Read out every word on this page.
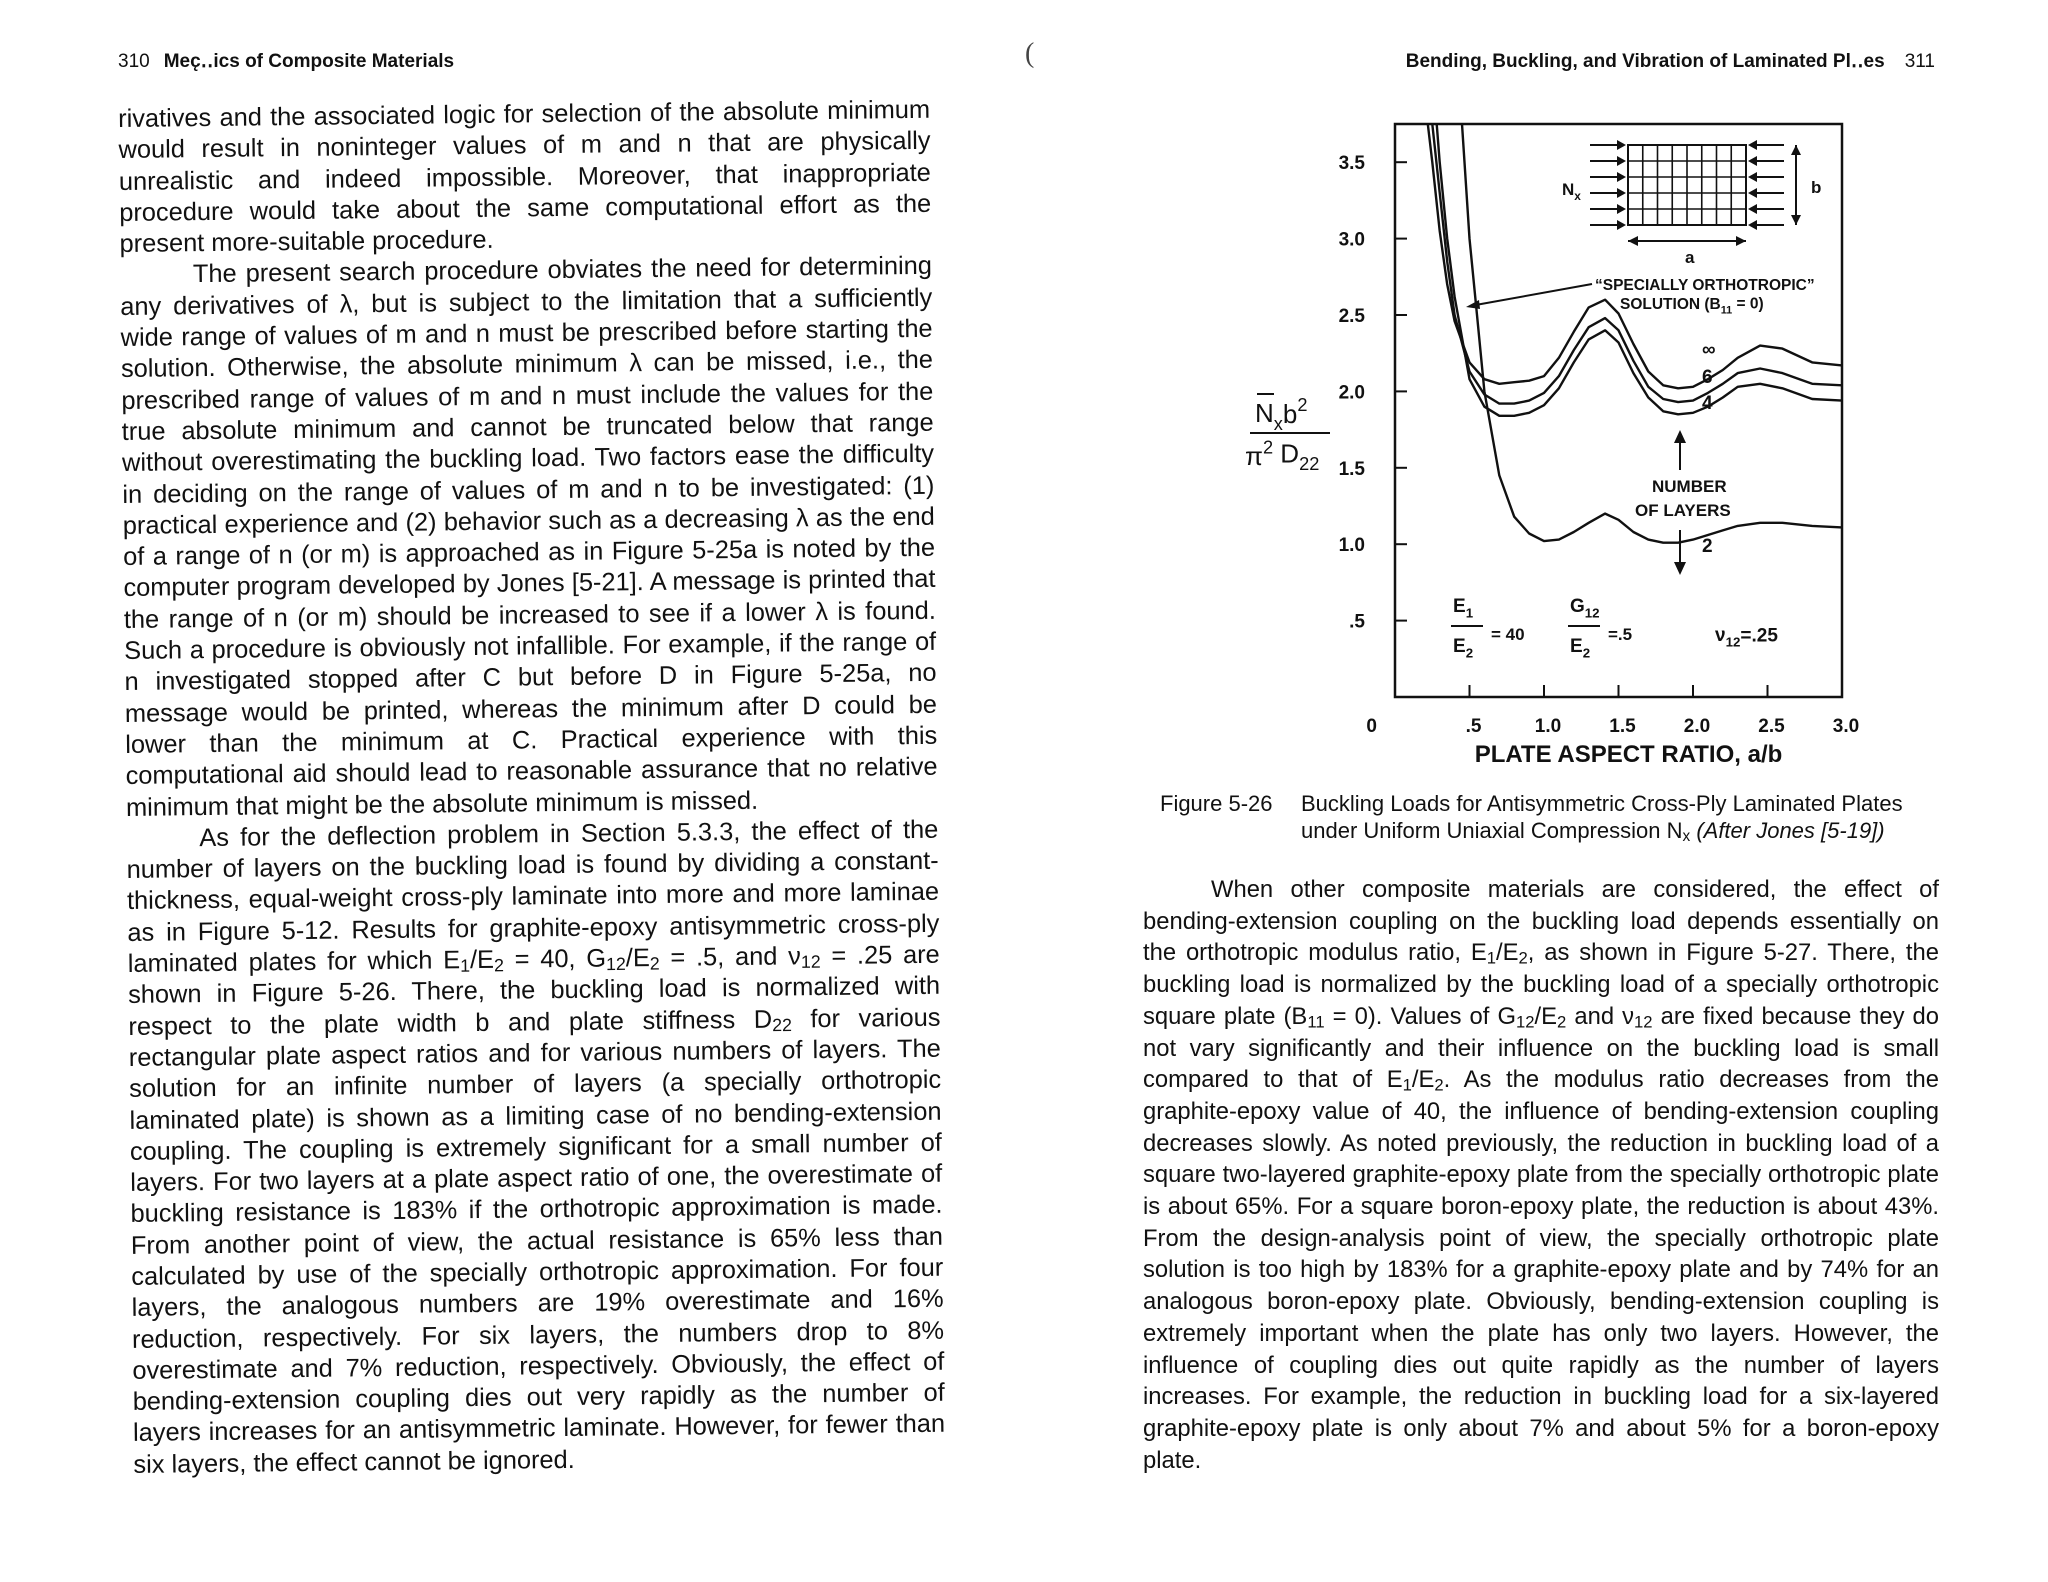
310 Mec̨․․ics of Composite Materials	(

rivatives and the associated logic for selection of the absolute minimum would result in noninteger values of m and n that are physically unrealistic and indeed impossible. Moreover, that inappropriate procedure would take about the same computational effort as the present more-suitable procedure.

The present search procedure obviates the need for determining any derivatives of λ, but is subject to the limitation that a sufficiently wide range of values of m and n must be prescribed before starting the solution. Otherwise, the absolute minimum λ can be missed, i.e., the prescribed range of values of m and n must include the values for the true absolute minimum and cannot be truncated below that range without overestimating the buckling load. Two factors ease the difficulty in deciding on the range of values of m and n to be investigated: (1) practical experience and (2) behavior such as a decreasing λ as the end of a range of n (or m) is approached as in Figure 5-25a is noted by the computer program developed by Jones [5-21]. A message is printed that the range of n (or m) should be increased to see if a lower λ is found. Such a procedure is obviously not infallible. For example, if the range of n investigated stopped after C but before D in Figure 5-25a, no message would be printed, whereas the minimum after D could be lower than the minimum at C. Practical experience with this computational aid should lead to reasonable assurance that no relative minimum that might be the absolute minimum is missed.

As for the deflection problem in Section 5.3.3, the effect of the number of layers on the buckling load is found by dividing a constant-thickness, equal-weight cross-ply laminate into more and more laminae as in Figure 5-12. Results for graphite-epoxy antisymmetric cross-ply laminated plates for which $E_1/E_2 = 40$, $G_{12}/E_2 = .5$, and $\nu_{12} = .25$ are shown in Figure 5-26. There, the buckling load is normalized with respect to the plate width b and plate stiffness $D_{22}$ for various rectangular plate aspect ratios and for various numbers of layers. The solution for an infinite number of layers (a specially orthotropic laminated plate) is shown as a limiting case of no bending-extension coupling. The coupling is extremely significant for a small number of layers. For two layers at a plate aspect ratio of one, the overestimate of buckling resistance is 183% if the orthotropic approximation is made. From another point of view, the actual resistance is 65% less than calculated by use of the specially orthotropic approximation. For four layers, the analogous numbers are 19% overestimate and 16% reduction, respectively. For six layers, the numbers drop to 8% overestimate and 7% reduction, respectively. Obviously, the effect of bending-extension coupling dies out very rapidly as the number of layers increases for an antisymmetric laminate. However, for fewer than six layers, the effect cannot be ignored.

Bending, Buckling, and Vibration of Laminated Pl․․es 311
.5
1.0
1.5
2.0
2.5
3.0
3.5
.5	1.0	1.5	2.0	2.5	3.0
0
PLATE ASPECT RATIO, a/b
$N_xb^2$
$\pi^2$ $D_{22}$
$N_x$	b
a
“SPECIALLY ORTHOTROPIC”
SOLUTION $(B_{11} = 0)$
∞
6
4
2
NUMBER
OF LAYERS
$E_1$
$E_2$
= 40
$G_{12}$
$E_2$
=.5	$\nu_{12}=.25$
Figure 5-26 Buckling Loads for Antisymmetric Cross-Ply Laminated Plates under Uniform Uniaxial Compression $N_x$ (After Jones [5-19])

When other composite materials are considered, the effect of bending-extension coupling on the buckling load depends essentially on the orthotropic modulus ratio, $E_1/E_2$, as shown in Figure 5-27. There, the buckling load is normalized by the buckling load of a specially orthotropic square plate $(B_{11} = 0)$. Values of $G_{12}/E_2$ and $\nu_{12}$ are fixed because they do not vary significantly and their influence on the buckling load is small compared to that of $E_1/E_2$. As the modulus ratio decreases from the graphite-epoxy value of 40, the influence of bending-extension coupling decreases slowly. As noted previously, the reduction in buckling load of a square two-layered graphite-epoxy plate from the specially orthotropic plate is about 65%. For a square boron-epoxy plate, the reduction is about 43%. From the design-analysis point of view, the specially orthotropic plate solution is too high by 183% for a graphite-epoxy plate and by 74% for an analogous boron-epoxy plate. Obviously, bending-extension coupling is extremely important when the plate has only two layers. However, the influence of coupling dies out quite rapidly as the number of layers increases. For example, the reduction in buckling load for a six-layered graphite-epoxy plate is only about 7% and about 5% for a boron-epoxy plate.
